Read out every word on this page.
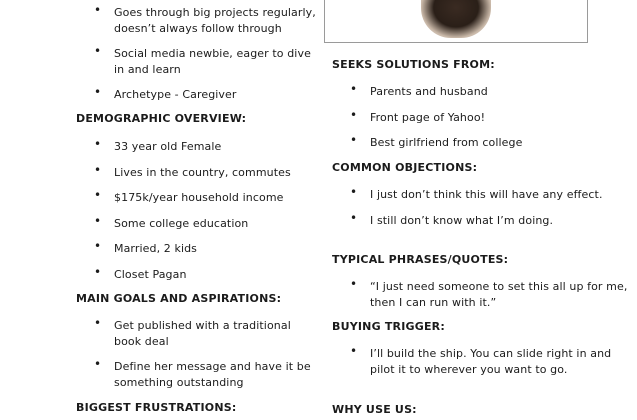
• Goes through big projects regularly, doesn’t always follow through
• Social media newbie, eager to dive in and learn
• Archetype - Caregiver
DEMOGRAPHIC OVERVIEW:
• 33 year old Female
• Lives in the country, commutes
• $175k/year household income
• Some college education
• Married, 2 kids
• Closet Pagan
MAIN GOALS AND ASPIRATIONS:
• Get published with a traditional book deal
• Define her message and have it be something outstanding
BIGGEST FRUSTRATIONS:
SEEKS SOLUTIONS FROM:
• Parents and husband
• Front page of Yahoo!
• Best girlfriend from college
COMMON OBJECTIONS:
• I just don’t think this will have any effect.
• I still don’t know what I’m doing.
TYPICAL PHRASES/QUOTES:
• “I just need someone to set this all up for me, then I can run with it.”
BUYING TRIGGER:
• I’ll build the ship. You can slide right in and pilot it to wherever you want to go.
WHY USE US:
